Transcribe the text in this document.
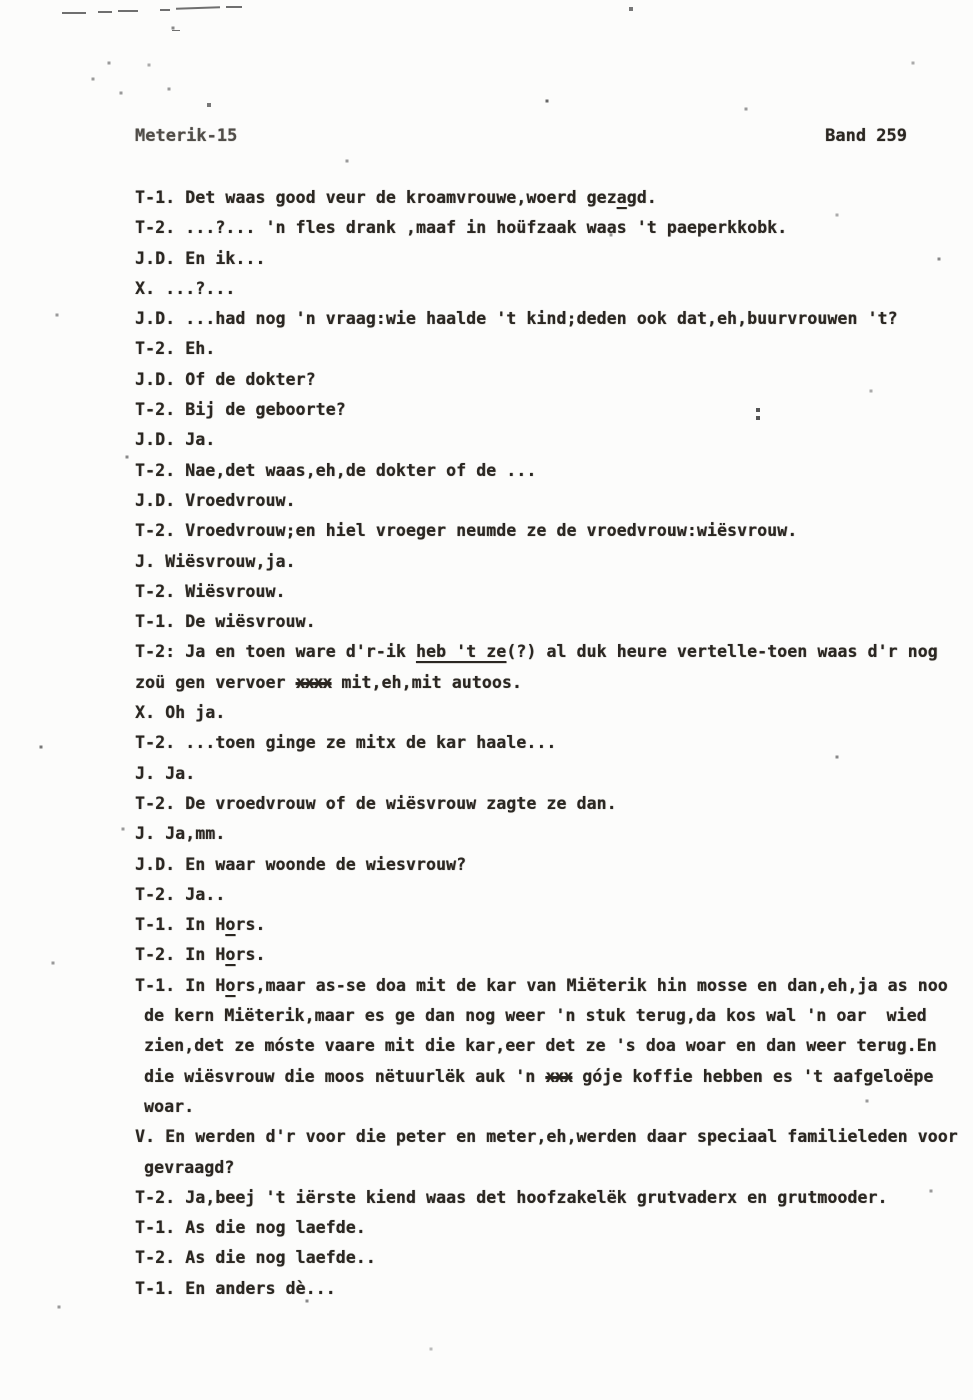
Meterik-15	Band 259
T-1. Det waas good veur de kroamvrouwe,woerd gezagd.
T-2. ...?... 'n fles drank ,maaf in hoüfzaak waas 't paeperkkobk.
J.D. En ik...
X. ...?...
J.D. ...had nog 'n vraag:wie haalde 't kind;deden ook dat,eh,buurvrouwen 't?
T-2. Eh.
J.D. Of de dokter?
T-2. Bij de geboorte?
J.D. Ja.
T-2. Nae,det waas,eh,de dokter of de ...
J.D. Vroedvrouw.
T-2. Vroedvrouw;en hiel vroeger neumde ze de vroedvrouw:wiësvrouw.
J. Wiësvrouw,ja.
T-2. Wiësvrouw.
T-1. De wiësvrouw.
T-2: Ja en toen ware d'r-ik heb 't ze(?) al duk heure vertelle-toen waas d'r nog
zoü gen vervoer xxxx mit,eh,mit autoos.
X. Oh ja.
T-2. ...toen ginge ze mitx de kar haale...
J. Ja.
T-2. De vroedvrouw of de wiësvrouw zagte ze dan.
J. Ja,mm.
J.D. En waar woonde de wiesvrouw?
T-2. Ja..
T-1. In Hors.
T-2. In Hors.
T-1. In Hors,maar as-se doa mit de kar van Miëterik hin mosse en dan,eh,ja as noo
de kern Miëterik,maar es ge dan nog weer 'n stuk terug,da kos wal 'n oar  wied
zien,det ze móste vaare mit die kar,eer det ze 's doa woar en dan weer terug.En
die wiësvrouw die moos nëtuurlëk auk 'n xxx góje koffie hebben es 't aafgeloëpe
woar.
V. En werden d'r voor die peter en meter,eh,werden daar speciaal familieleden voor
gevraagd?
T-2. Ja,beej 't iërste kiend waas det hoofzakelëk grutvaderx en grutmooder.
T-1. As die nog laefde.
T-2. As die nog laefde..
T-1. En anders dè...
